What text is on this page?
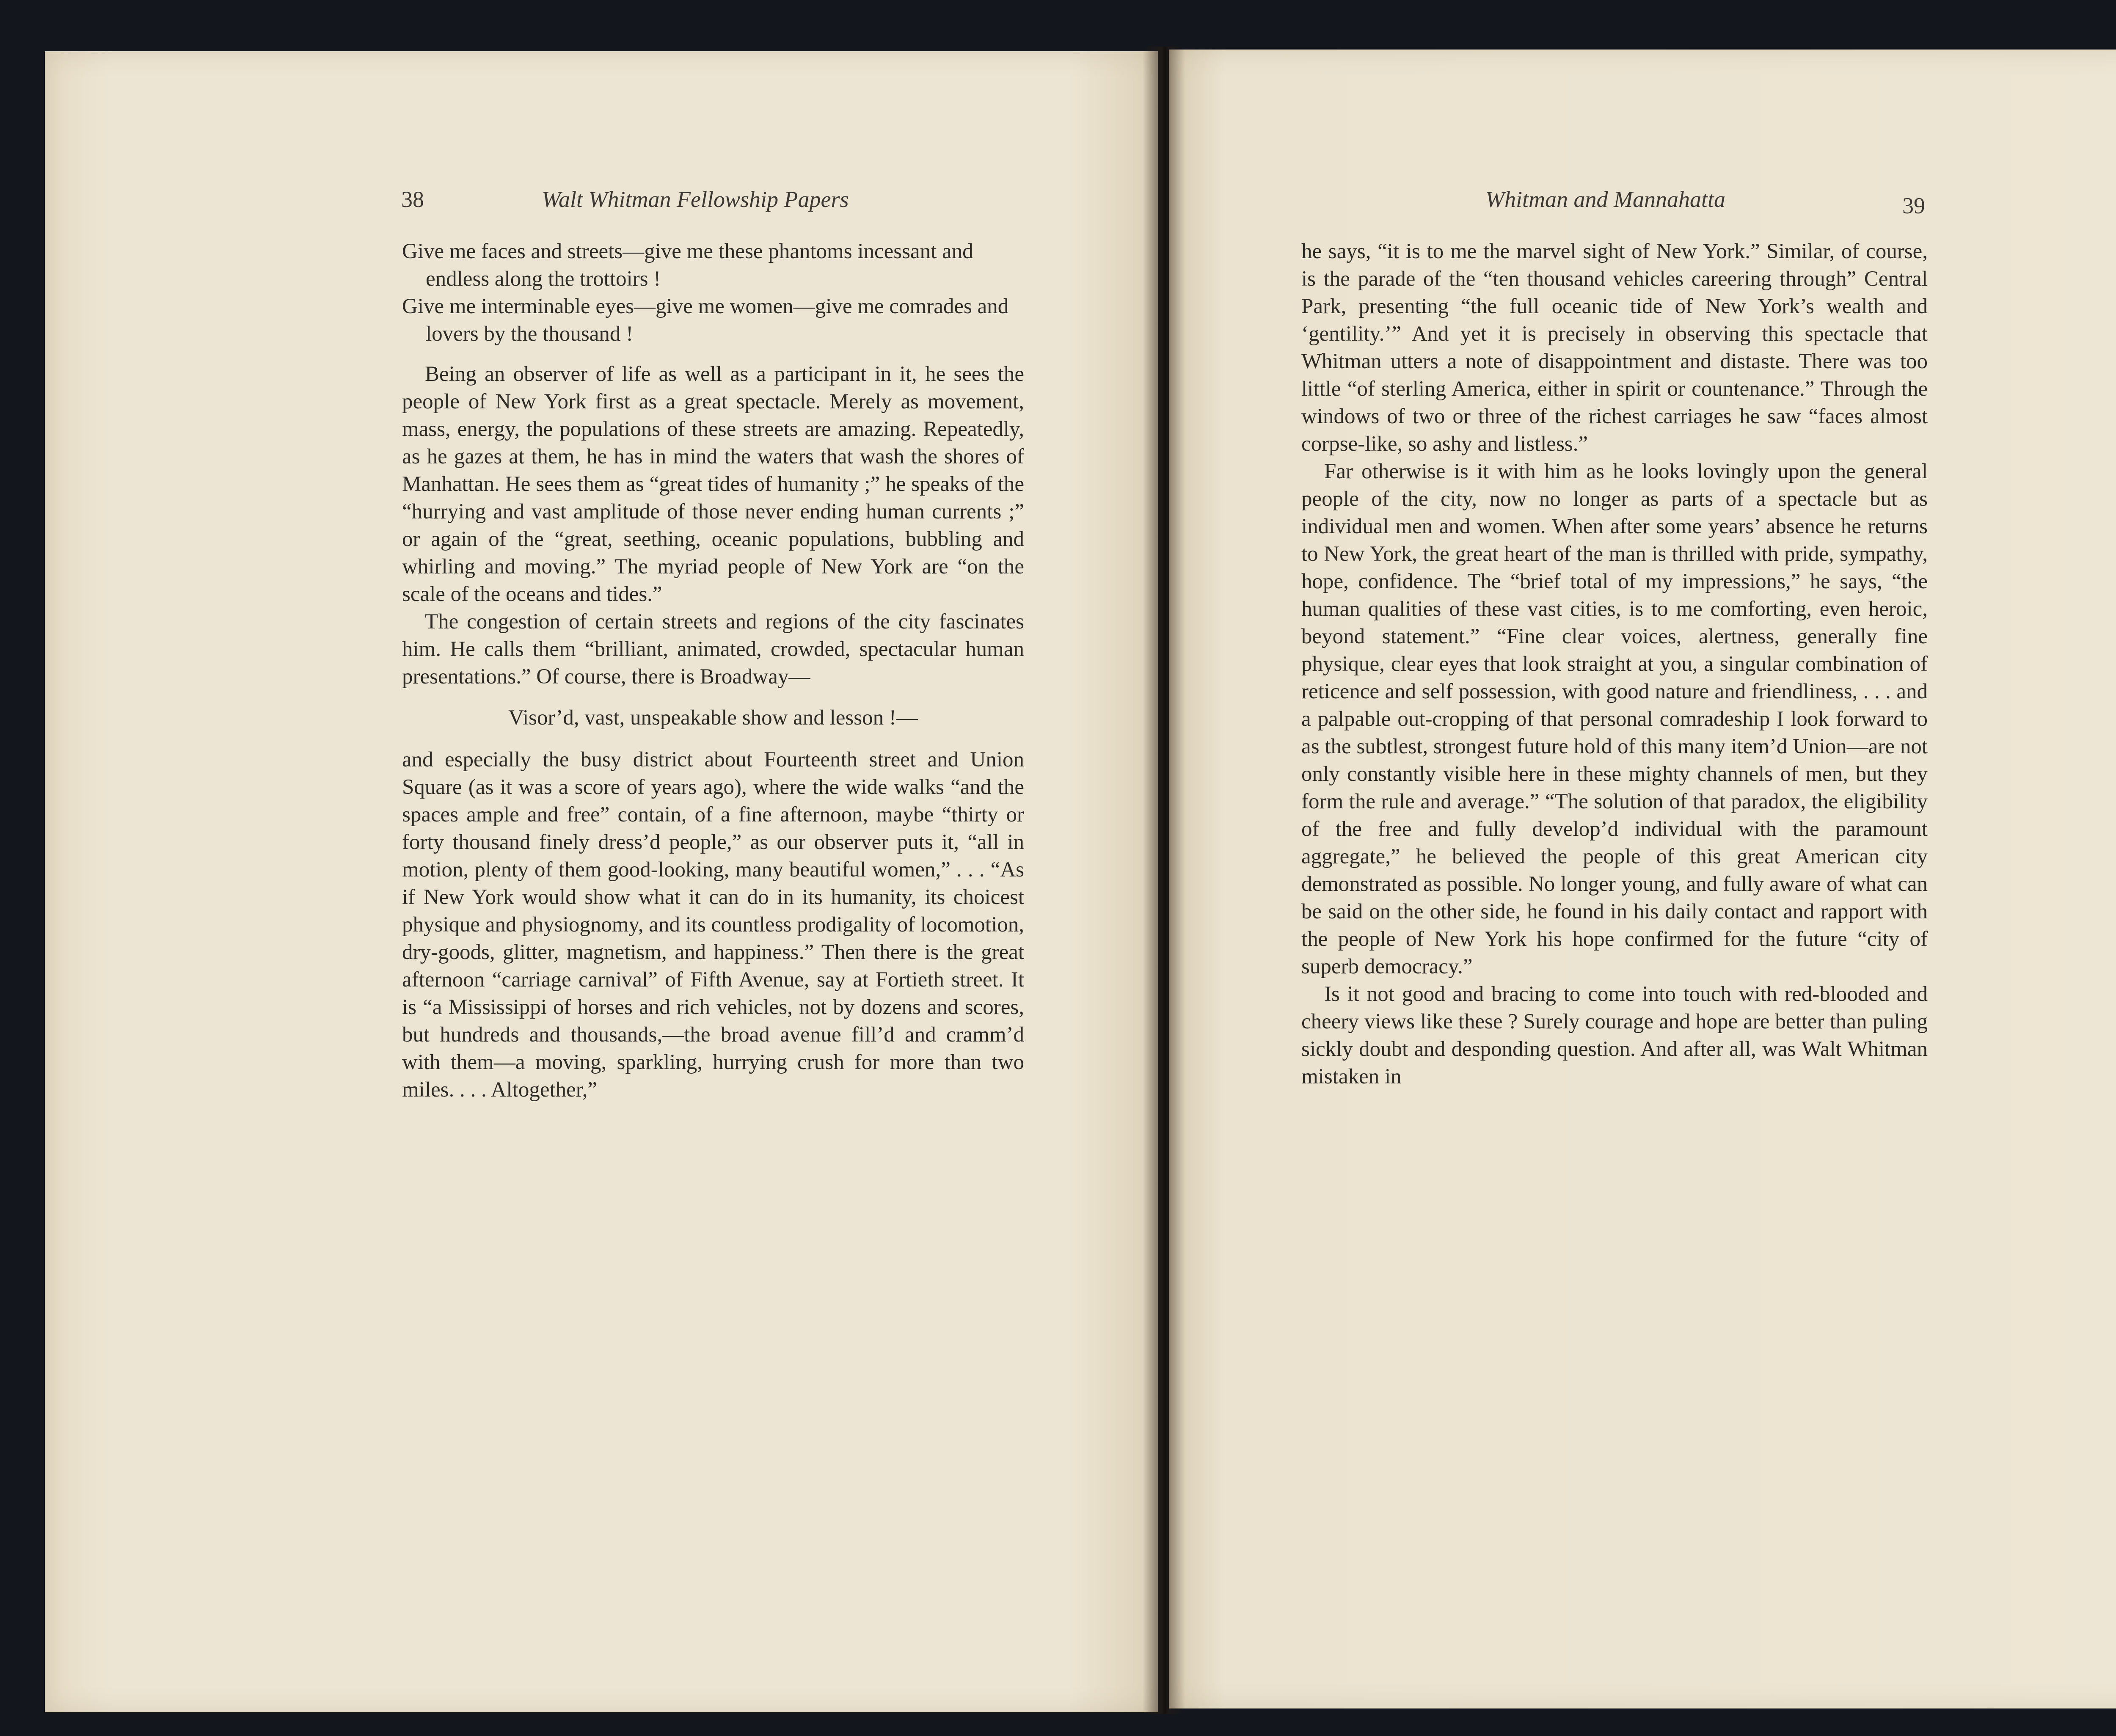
38	Walt Whitman Fellowship Papers	Whitman and Mannahatta	39

Give me faces and streets—give me these phantoms incessant and endless along the trottoirs !

Give me interminable eyes—give me women—give me comrades and lovers by the thousand !

Being an observer of life as well as a participant in it, he sees the people of New York first as a great spectacle. Merely as movement, mass, energy, the populations of these streets are amazing. Repeatedly, as he gazes at them, he has in mind the waters that wash the shores of Manhattan. He sees them as “great tides of humanity ;” he speaks of the “hurrying and vast amplitude of those never ending human currents ;” or again of the “great, seething, oceanic populations, bubbling and whirling and moving.” The myriad people of New York are “on the scale of the oceans and tides.”

The congestion of certain streets and regions of the city fascinates him. He calls them “brilliant, animated, crowded, spectacular human presentations.” Of course, there is Broadway—

Visor’d, vast, unspeakable show and lesson !—

and especially the busy district about Fourteenth street and Union Square (as it was a score of years ago), where the wide walks “and the spaces ample and free” contain, of a fine afternoon, maybe “thirty or forty thousand finely dress’d people,” as our observer puts it, “all in motion, plenty of them good-looking, many beautiful women,” . . . “As if New York would show what it can do in its humanity, its choicest physique and physiognomy, and its countless prodigality of locomotion, dry-goods, glitter, magnetism, and happiness.” Then there is the great afternoon “carriage carnival” of Fifth Avenue, say at Fortieth street. It is “a Mississippi of horses and rich vehicles, not by dozens and scores, but hundreds and thousands,—the broad avenue fill’d and cramm’d with them—a moving, sparkling, hurrying crush for more than two miles. . . . Altogether,”

he says, “it is to me the marvel sight of New York.” Similar, of course, is the parade of the “ten thousand vehicles careering through” Central Park, presenting “the full oceanic tide of New York’s wealth and ‘gentility.’” And yet it is precisely in observing this spectacle that Whitman utters a note of disappointment and distaste. There was too little “of sterling America, either in spirit or countenance.” Through the windows of two or three of the richest carriages he saw “faces almost corpse-like, so ashy and listless.”

Far otherwise is it with him as he looks lovingly upon the general people of the city, now no longer as parts of a spectacle but as individual men and women. When after some years’ absence he returns to New York, the great heart of the man is thrilled with pride, sympathy, hope, confidence. The “brief total of my impressions,” he says, “the human qualities of these vast cities, is to me comforting, even heroic, beyond statement.” “Fine clear voices, alertness, generally fine physique, clear eyes that look straight at you, a singular combination of reticence and self possession, with good nature and friendliness, . . . and a palpable out-cropping of that personal comradeship I look forward to as the subtlest, strongest future hold of this many item’d Union—are not only constantly visible here in these mighty channels of men, but they form the rule and average.” “The solution of that paradox, the eligibility of the free and fully develop’d individual with the paramount aggregate,” he believed the people of this great American city demonstrated as possible. No longer young, and fully aware of what can be said on the other side, he found in his daily contact and rapport with the people of New York his hope confirmed for the future “city of superb democracy.”

Is it not good and bracing to come into touch with red-blooded and cheery views like these ? Surely courage and hope are better than puling sickly doubt and desponding question. And after all, was Walt Whitman mistaken in
